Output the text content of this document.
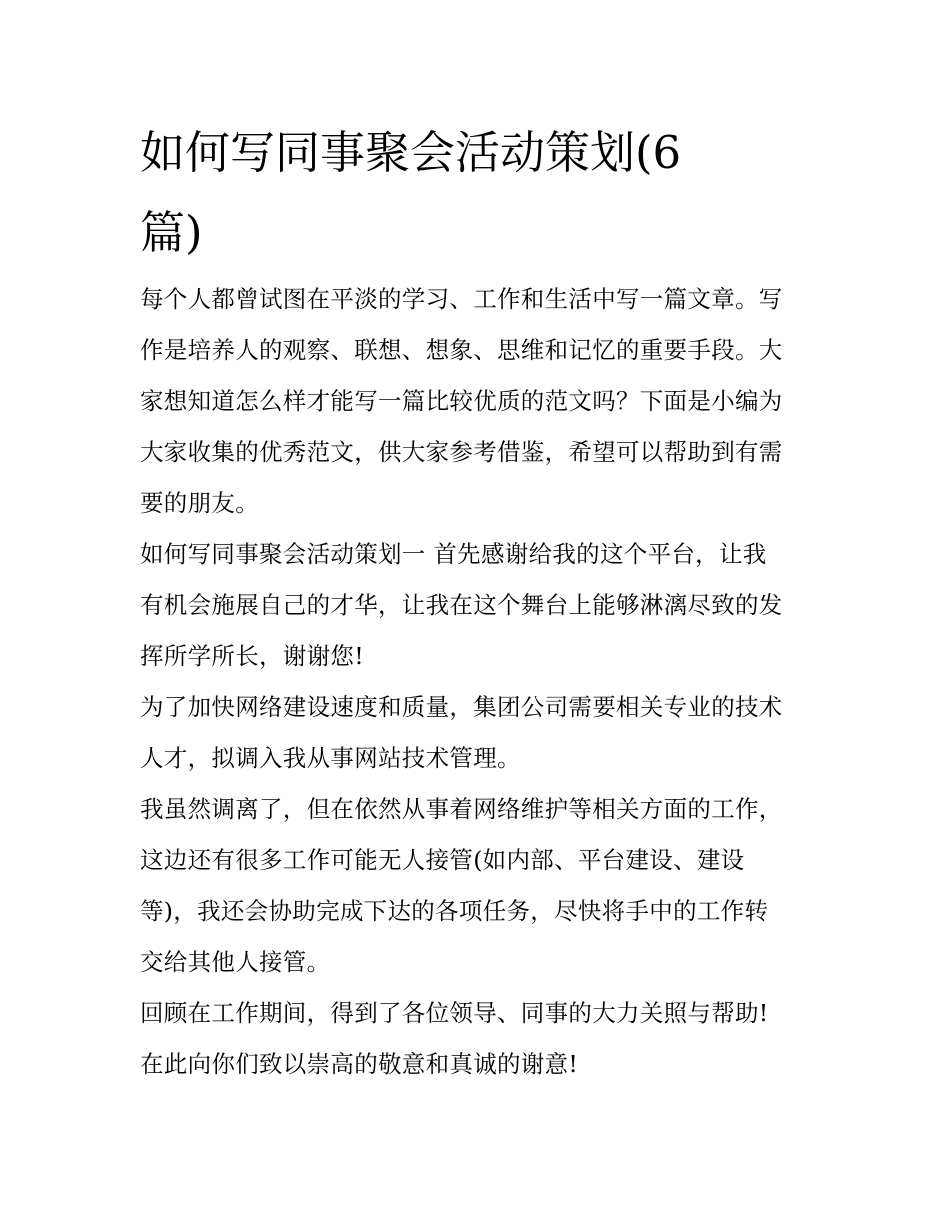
如何写同事聚会活动策划(6
篇)

每个人都曾试图在平淡的学习、工作和生活中写一篇文章。写
作是培养人的观察、联想、想象、思维和记忆的重要手段。大
家想知道怎么样才能写一篇比较优质的范文吗？下面是小编为
大家收集的优秀范文，供大家参考借鉴，希望可以帮助到有需
要的朋友。

如何写同事聚会活动策划一 首先感谢给我的这个平台，让我
有机会施展自己的才华，让我在这个舞台上能够淋漓尽致的发
挥所学所长，谢谢您!

为了加快网络建设速度和质量，集团公司需要相关专业的技术
人才，拟调入我从事网站技术管理。

我虽然调离了，但在依然从事着网络维护等相关方面的工作，
这边还有很多工作可能无人接管(如内部、平台建设、建设
等)，我还会协助完成下达的各项任务，尽快将手中的工作转
交给其他人接管。

回顾在工作期间，得到了各位领导、同事的大力关照与帮助!

在此向你们致以崇高的敬意和真诚的谢意!
